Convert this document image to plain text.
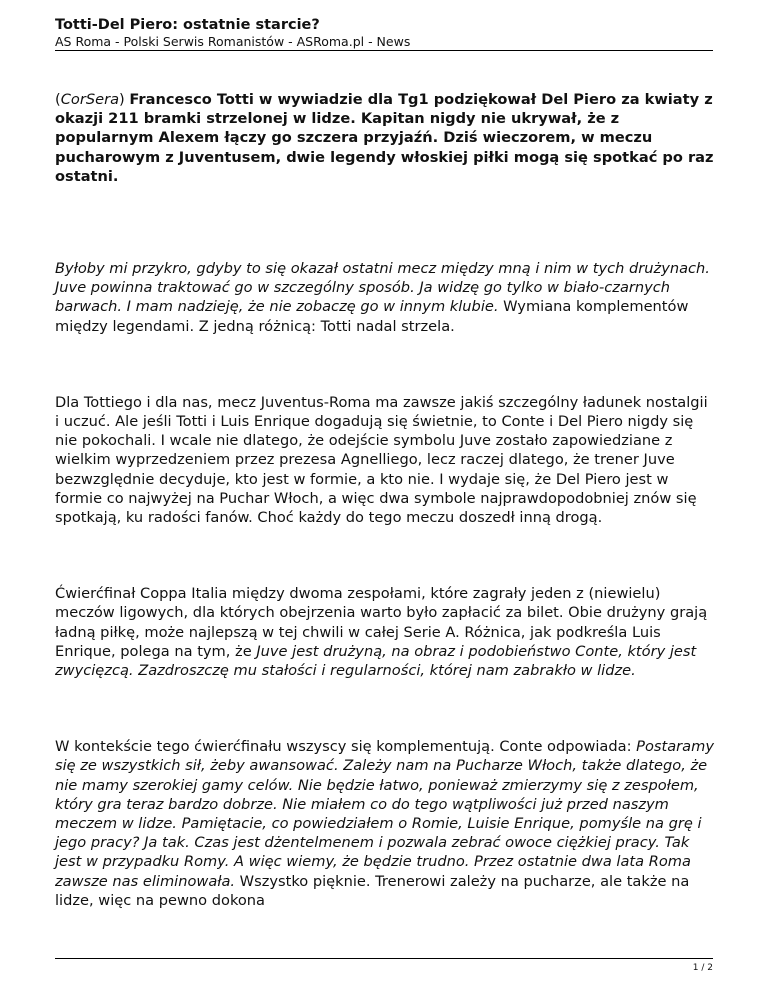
Totti-Del Piero: ostatnie starcie?
AS Roma - Polski Serwis Romanistów - ASRoma.pl - News

(CorSera) Francesco Totti w wywiadzie dla Tg1 podziękował Del Piero za kwiaty z okazji 211 bramki strzelonej w lidze. Kapitan nigdy nie ukrywał, że z popularnym Alexem łączy go szczera przyjaźń. Dziś wieczorem, w meczu pucharowym z Juventusem, dwie legendy włoskiej piłki mogą się spotkać po raz ostatni.

Byłoby mi przykro, gdyby to się okazał ostatni mecz między mną i nim w tych drużynach. Juve powinna traktować go w szczególny sposób. Ja widzę go tylko w biało-czarnych barwach. I mam nadzieję, że nie zobaczę go w innym klubie. Wymiana komplementów między legendami. Z jedną różnicą: Totti nadal strzela.

Dla Tottiego i dla nas, mecz Juventus-Roma ma zawsze jakiś szczególny ładunek nostalgii i uczuć. Ale jeśli Totti i Luis Enrique dogadują się świetnie, to Conte i Del Piero nigdy się nie pokochali. I wcale nie dlatego, że odejście symbolu Juve zostało zapowiedziane z wielkim wyprzedzeniem przez prezesa Agnelliego, lecz raczej dlatego, że trener Juve bezwzględnie decyduje, kto jest w formie, a kto nie. I wydaje się, że Del Piero jest w formie co najwyżej na Puchar Włoch, a więc dwa symbole najprawdopodobniej znów się spotkają, ku radości fanów. Choć każdy do tego meczu doszedł inną drogą.

Ćwierćfinał Coppa Italia między dwoma zespołami, które zagrały jeden z (niewielu) meczów ligowych, dla których obejrzenia warto było zapłacić za bilet. Obie drużyny grają ładną piłkę, może najlepszą w tej chwili w całej Serie A. Różnica, jak podkreśla Luis Enrique, polega na tym, że Juve jest drużyną, na obraz i podobieństwo Conte, który jest zwycięzcą. Zazdroszczę mu stałości i regularności, której nam zabrakło w lidze.

W kontekście tego ćwierćfinału wszyscy się komplementują. Conte odpowiada: Postaramy się ze wszystkich sił, żeby awansować. Zależy nam na Pucharze Włoch, także dlatego, że nie mamy szerokiej gamy celów. Nie będzie łatwo, ponieważ zmierzymy się z zespołem, który gra teraz bardzo dobrze. Nie miałem co do tego wątpliwości już przed naszym meczem w lidze. Pamiętacie, co powiedziałem o Romie, Luisie Enrique, pomyśle na grę i jego pracy? Ja tak. Czas jest dżentelmenem i pozwala zebrać owoce ciężkiej pracy. Tak jest w przypadku Romy. A więc wiemy, że będzie trudno. Przez ostatnie dwa lata Roma zawsze nas eliminowała. Wszystko pięknie. Trenerowi zależy na pucharze, ale także na lidze, więc na pewno dokona

1 / 2
